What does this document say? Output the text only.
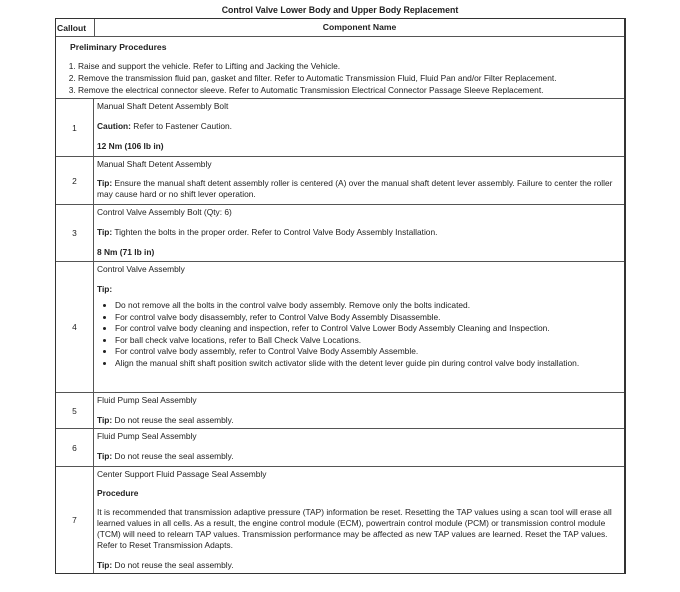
Control Valve Lower Body and Upper Body Replacement
Callout	Component Name
Preliminary Procedures
1. Raise and support the vehicle. Refer to Lifting and Jacking the Vehicle.
2. Remove the transmission fluid pan, gasket and filter. Refer to Automatic Transmission Fluid, Fluid Pan and/or Filter Replacement.
3. Remove the electrical connector sleeve. Refer to Automatic Transmission Electrical Connector Passage Sleeve Replacement.
1

Manual Shaft Detent Assembly Bolt

Caution: Refer to Fastener Caution.

12 Nm (106 lb in)

2

Manual Shaft Detent Assembly

Tip: Ensure the manual shaft detent assembly roller is centered (A) over the manual shaft detent lever assembly. Failure to center the roller may cause hard or no shift lever operation.

3

Control Valve Assembly Bolt (Qty: 6)

Tip: Tighten the bolts in the proper order. Refer to Control Valve Body Assembly Installation.

8 Nm (71 lb in)

4

Control Valve Assembly

Tip:

• Do not remove all the bolts in the control valve body assembly. Remove only the bolts indicated.
• For control valve body disassembly, refer to Control Valve Body Assembly Disassemble.
• For control valve body cleaning and inspection, refer to Control Valve Lower Body Assembly Cleaning and Inspection.
• For ball check valve locations, refer to Ball Check Valve Locations.
• For control valve body assembly, refer to Control Valve Body Assembly Assemble.
• Align the manual shift shaft position switch activator slide with the detent lever guide pin during control valve body installation.
5

Fluid Pump Seal Assembly

Tip: Do not reuse the seal assembly.

6

Fluid Pump Seal Assembly

Tip: Do not reuse the seal assembly.

7

Center Support Fluid Passage Seal Assembly

Procedure

It is recommended that transmission adaptive pressure (TAP) information be reset. Resetting the TAP values using a scan tool will erase all learned values in all cells. As a result, the engine control module (ECM), powertrain control module (PCM) or transmission control module (TCM) will need to relearn TAP values. Transmission performance may be affected as new TAP values are learned. Reset the TAP values. Refer to Reset Transmission Adapts.

Tip: Do not reuse the seal assembly.
